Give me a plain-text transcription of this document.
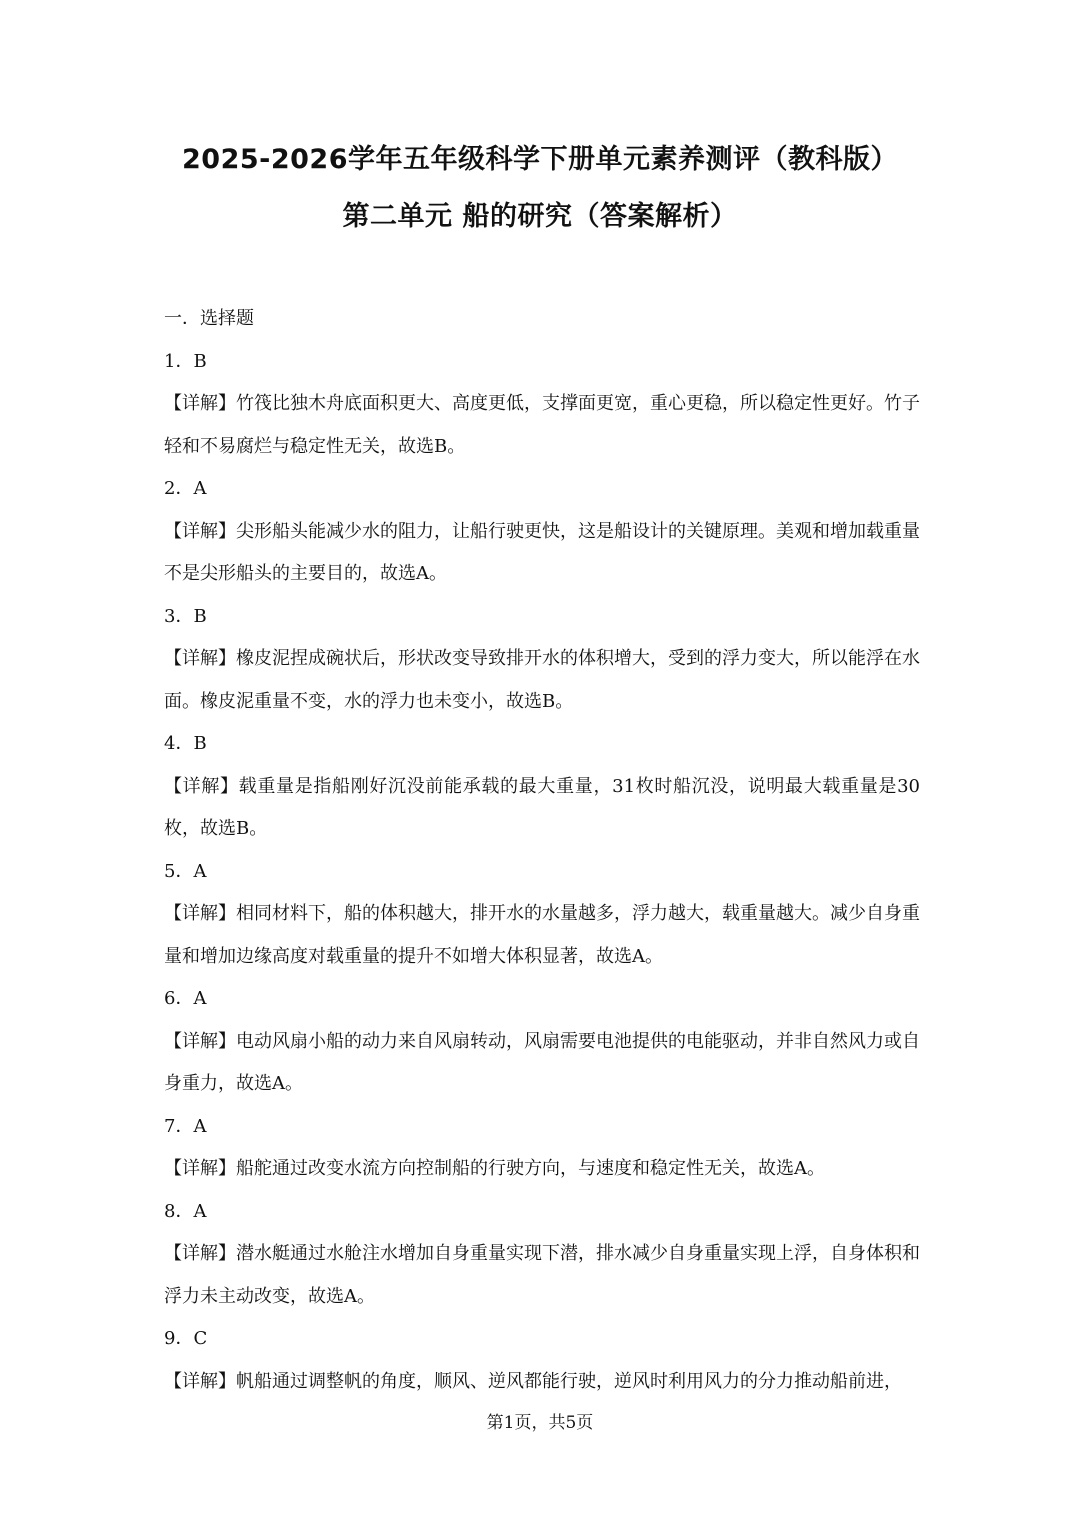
2025-2026学年五年级科学下册单元素养测评（教科版）
第二单元 船的研究（答案解析）

一．选择题

1．B

【详解】竹筏比独木舟底面积更大、高度更低，支撑面更宽，重心更稳，所以稳定性更好。竹子轻和不易腐烂与稳定性无关，故选B。

2．A

【详解】尖形船头能减少水的阻力，让船行驶更快，这是船设计的关键原理。美观和增加载重量不是尖形船头的主要目的，故选A。

3．B

【详解】橡皮泥捏成碗状后，形状改变导致排开水的体积增大，受到的浮力变大，所以能浮在水面。橡皮泥重量不变，水的浮力也未变小，故选B。

4．B

【详解】载重量是指船刚好沉没前能承载的最大重量，31枚时船沉没，说明最大载重量是30枚，故选B。

5．A

【详解】相同材料下，船的体积越大，排开水的水量越多，浮力越大，载重量越大。减少自身重量和增加边缘高度对载重量的提升不如增大体积显著，故选A。

6．A

【详解】电动风扇小船的动力来自风扇转动，风扇需要电池提供的电能驱动，并非自然风力或自身重力，故选A。

7．A

【详解】船舵通过改变水流方向控制船的行驶方向，与速度和稳定性无关，故选A。

8．A

【详解】潜水艇通过水舱注水增加自身重量实现下潜，排水减少自身重量实现上浮，自身体积和浮力未主动改变，故选A。

9．C

【详解】帆船通过调整帆的角度，顺风、逆风都能行驶，逆风时利用风力的分力推动船前进，

第1页，共5页
